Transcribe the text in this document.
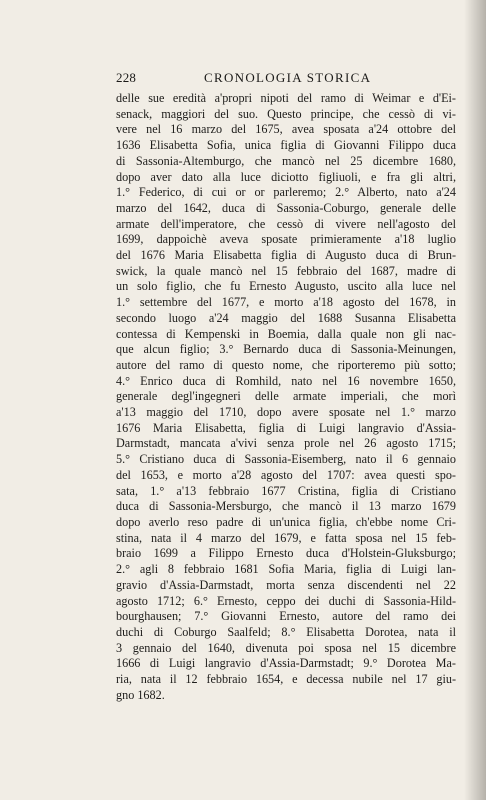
228	CRONOLOGIA STORICA
delle sue eredità a'propri nipoti del ramo di Weimar e d'Ei-
senack, maggiori del suo. Questo principe, che cessò di vi-
vere nel 16 marzo del 1675, avea sposata a'24 ottobre del
1636 Elisabetta Sofia, unica figlia di Giovanni Filippo duca
di Sassonia-Altemburgo, che mancò nel 25 dicembre 1680,
dopo aver dato alla luce diciotto figliuoli, e fra gli altri,
1.° Federico, di cui or or parleremo; 2.° Alberto, nato a'24
marzo del 1642, duca di Sassonia-Coburgo, generale delle
armate dell'imperatore, che cessò di vivere nell'agosto del
1699, dappoichè aveva sposate primieramente a'18 luglio
del 1676 Maria Elisabetta figlia di Augusto duca di Brun-
swick, la quale mancò nel 15 febbraio del 1687, madre di
un solo figlio, che fu Ernesto Augusto, uscito alla luce nel
1.° settembre del 1677, e morto a'18 agosto del 1678, in
secondo luogo a'24 maggio del 1688 Susanna Elisabetta
contessa di Kempenski in Boemia, dalla quale non gli nac-
que alcun figlio; 3.° Bernardo duca di Sassonia-Meinungen,
autore del ramo di questo nome, che riporteremo più sotto;
4.° Enrico duca di Romhild, nato nel 16 novembre 1650,
generale degl'ingegneri delle armate imperiali, che morì
a'13 maggio del 1710, dopo avere sposate nel 1.° marzo
1676 Maria Elisabetta, figlia di Luigi langravio d'Assia-
Darmstadt, mancata a'vivi senza prole nel 26 agosto 1715;
5.° Cristiano duca di Sassonia-Eisemberg, nato il 6 gennaio
del 1653, e morto a'28 agosto del 1707: avea questi spo-
sata, 1.° a'13 febbraio 1677 Cristina, figlia di Cristiano
duca di Sassonia-Mersburgo, che mancò il 13 marzo 1679
dopo averlo reso padre di un'unica figlia, ch'ebbe nome Cri-
stina, nata il 4 marzo del 1679, e fatta sposa nel 15 feb-
braio 1699 a Filippo Ernesto duca d'Holstein-Gluksburgo;
2.° agli 8 febbraio 1681 Sofia Maria, figlia di Luigi lan-
gravio d'Assia-Darmstadt, morta senza discendenti nel 22
agosto 1712; 6.° Ernesto, ceppo dei duchi di Sassonia-Hild-
bourghausen; 7.° Giovanni Ernesto, autore del ramo dei
duchi di Coburgo Saalfeld; 8.° Elisabetta Dorotea, nata il
3 gennaio del 1640, divenuta poi sposa nel 15 dicembre
1666 di Luigi langravio d'Assia-Darmstadt; 9.° Dorotea Ma-
ria, nata il 12 febbraio 1654, e decessa nubile nel 17 giu-
gno 1682.
